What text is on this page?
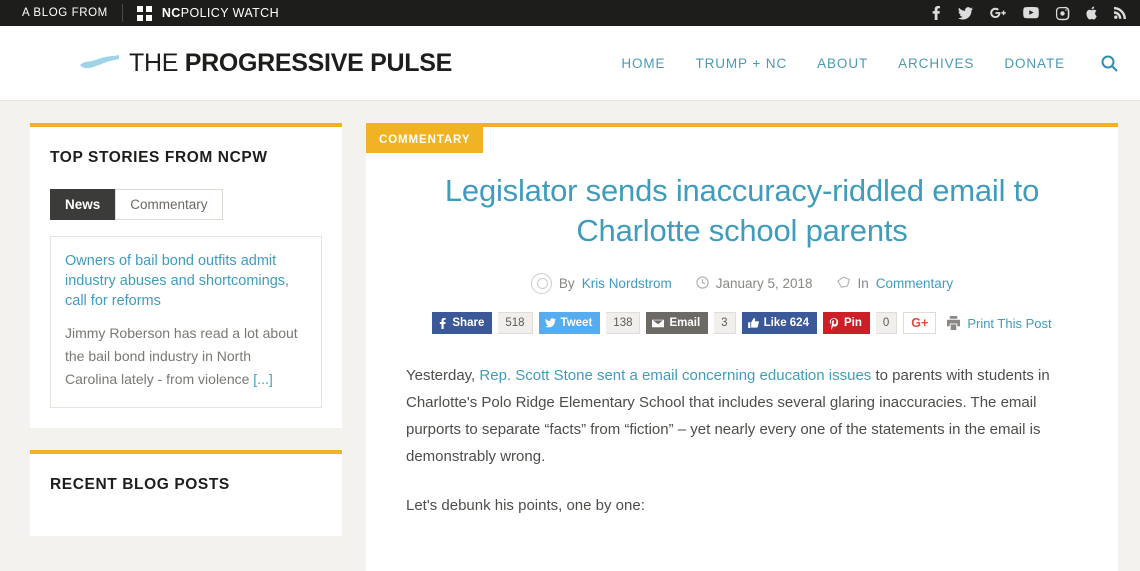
A BLOG FROM	NCPOLICY WATCH
THE PROGRESSIVE PULSE	HOME TRUMP + NC ABOUT ARCHIVES DONATE
TOP STORIES FROM NCPW
News	Commentary

Owners of bail bond outfits admit industry abuses and shortcomings, call for reforms

Jimmy Roberson has read a lot about the bail bond industry in North Carolina lately - from violence [...]

RECENT BLOG POSTS
COMMENTARY
Legislator sends inaccuracy-riddled email to Charlotte school parents
By Kris Nordstrom	January 5, 2018	In Commentary
Share	518	Tweet	138	Email	3	Like 624	Pin	0	G+	Print This Post

Yesterday, Rep. Scott Stone sent a email concerning education issues to parents with students in Charlotte's Polo Ridge Elementary School that includes several glaring inaccuracies. The email purports to separate “facts” from “fiction” – yet nearly every one of the statements in the email is demonstrably wrong.

Let's debunk his points, one by one:
